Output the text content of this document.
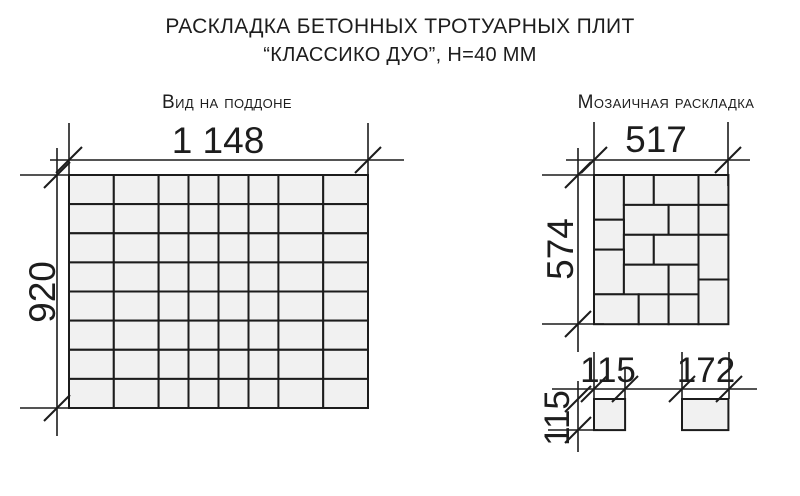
РАСКЛАДКА БЕТОННЫХ ТРОТУАРНЫХ ПЛИТ
“КЛАССИКО ДУО”, Н=40 ММ
Вид на поддоне	Мозаичная раскладка
1 148
920
517
574
115
115
172
